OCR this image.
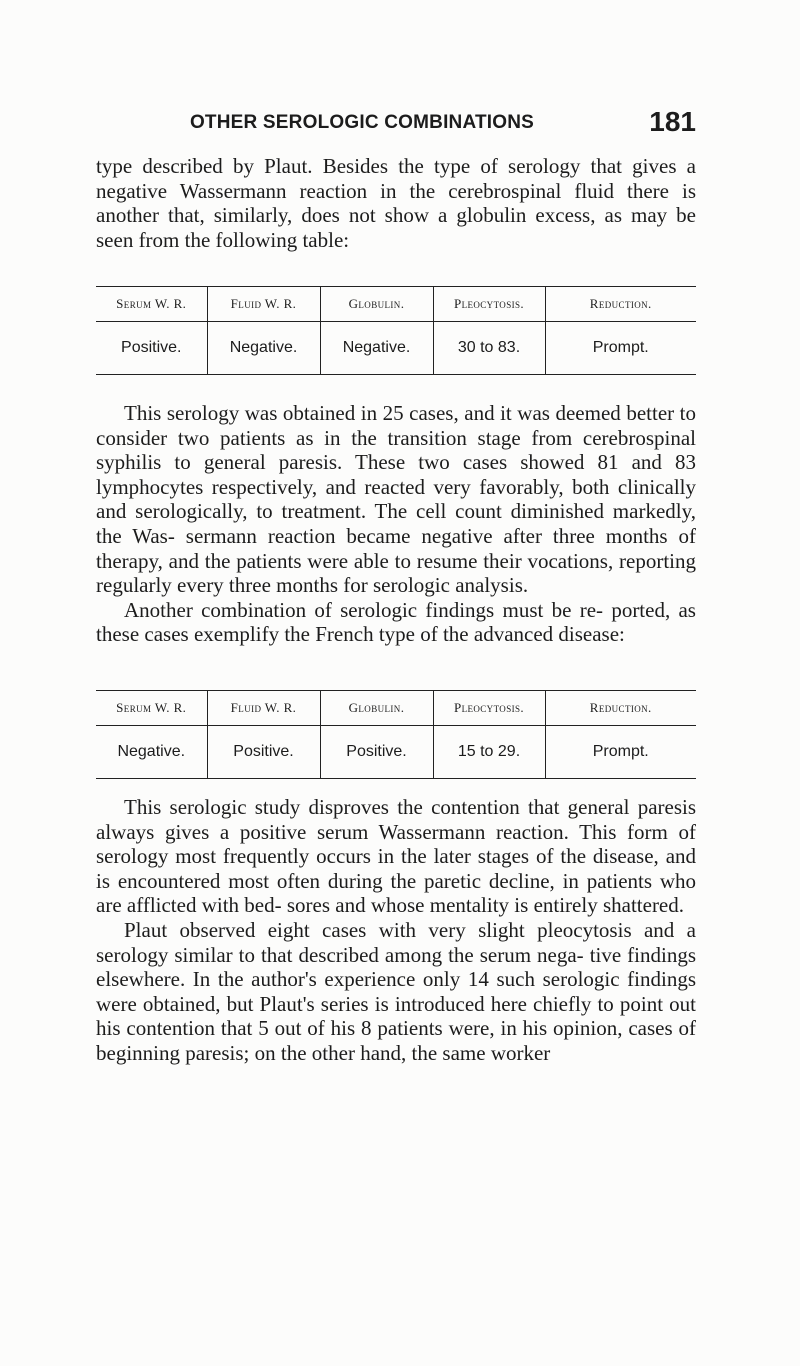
OTHER SEROLOGIC COMBINATIONS	181

type described by Plaut. Besides the type of serology that gives a negative Wassermann reaction in the cerebrospinal fluid there is another that, similarly, does not show a globulin excess, as may be seen from the following table:

Serum W. R.	Fluid W. R.	Globulin.	Pleocytosis.	Reduction.
Positive.	Negative.	Negative.	30 to 83.	Prompt.

This serology was obtained in 25 cases, and it was deemed better to consider two patients as in the transition stage from cerebrospinal syphilis to general paresis. These two cases showed 81 and 83 lymphocytes respectively, and reacted very favorably, both clinically and serologically, to treatment. The cell count diminished markedly, the Was- sermann reaction became negative after three months of therapy, and the patients were able to resume their vocations, reporting regularly every three months for serologic analysis.

Another combination of serologic findings must be re- ported, as these cases exemplify the French type of the advanced disease:

Serum W. R.	Fluid W. R.	Globulin.	Pleocytosis.	Reduction.
Negative.	Positive.	Positive.	15 to 29.	Prompt.

This serologic study disproves the contention that general paresis always gives a positive serum Wassermann reaction. This form of serology most frequently occurs in the later stages of the disease, and is encountered most often during the paretic decline, in patients who are afflicted with bed- sores and whose mentality is entirely shattered.

Plaut observed eight cases with very slight pleocytosis and a serology similar to that described among the serum nega- tive findings elsewhere. In the author's experience only 14 such serologic findings were obtained, but Plaut's series is introduced here chiefly to point out his contention that 5 out of his 8 patients were, in his opinion, cases of beginning paresis; on the other hand, the same worker
